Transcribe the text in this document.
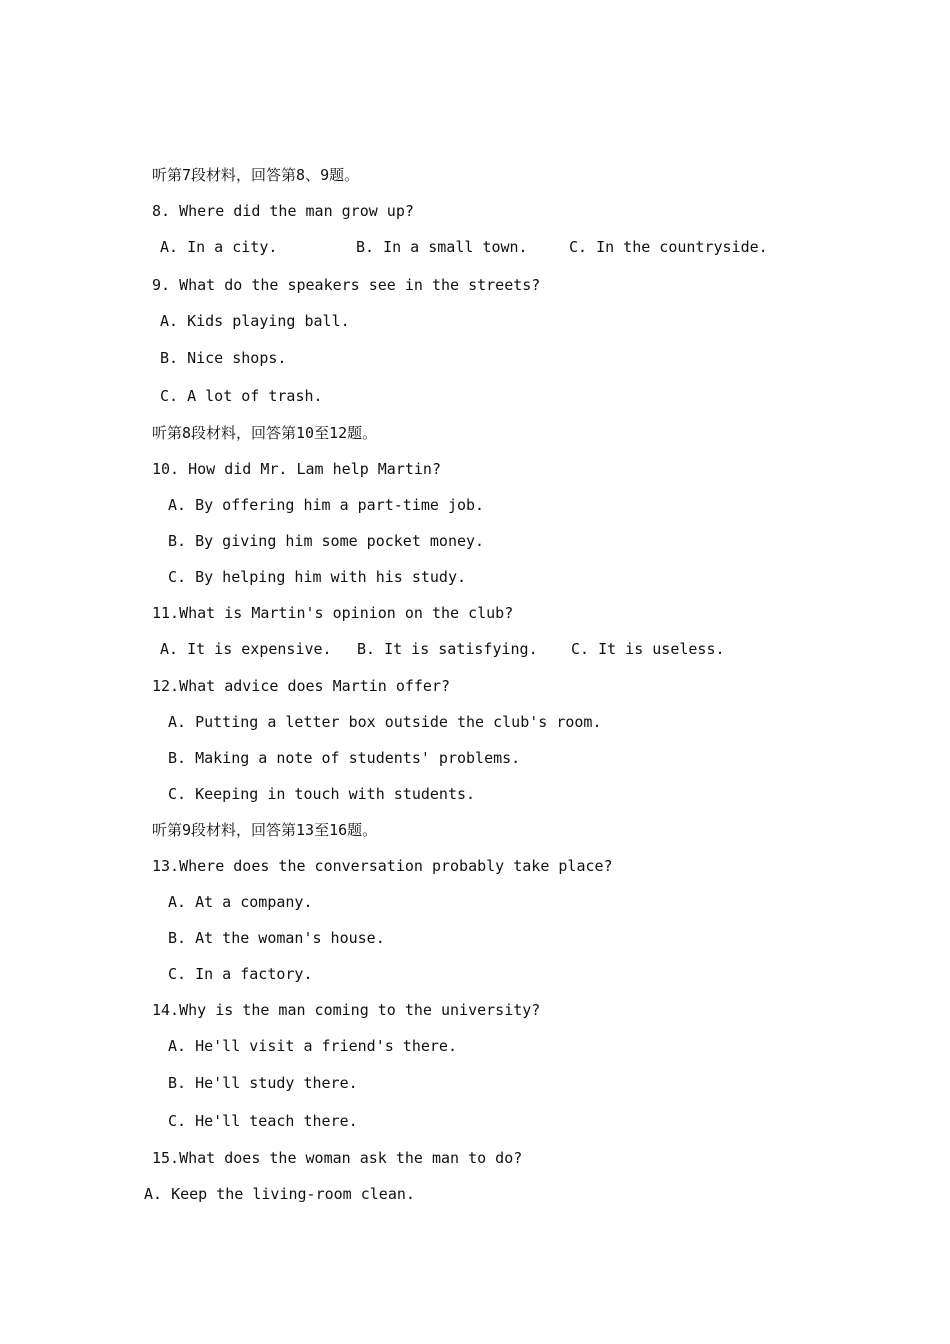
听第7段材料，回答第8、9题。
8. Where did the man grow up?
A. In a city.	B. In a small town.	C. In the countryside.
9. What do the speakers see in the streets?
A. Kids playing ball.
B. Nice shops.
C. A lot of trash.
听第8段材料，回答第10至12题。
10. How did Mr. Lam help Martin?
A. By offering him a part-time job.
B. By giving him some pocket money.
C. By helping him with his study.
11.What is Martin's opinion on the club?
A. It is expensive. B. It is satisfying. C. It is useless.
12.What advice does Martin offer?
A. Putting a letter box outside the club's room.
B. Making a note of students' problems.
C. Keeping in touch with students.
听第9段材料，回答第13至16题。
13.Where does the conversation probably take place?
A. At a company.
B. At the woman's house.
C. In a factory.
14.Why is the man coming to the university?
A. He'll visit a friend's there.
B. He'll study there.
C. He'll teach there.
15.What does the woman ask the man to do?
A. Keep the living-room clean.
